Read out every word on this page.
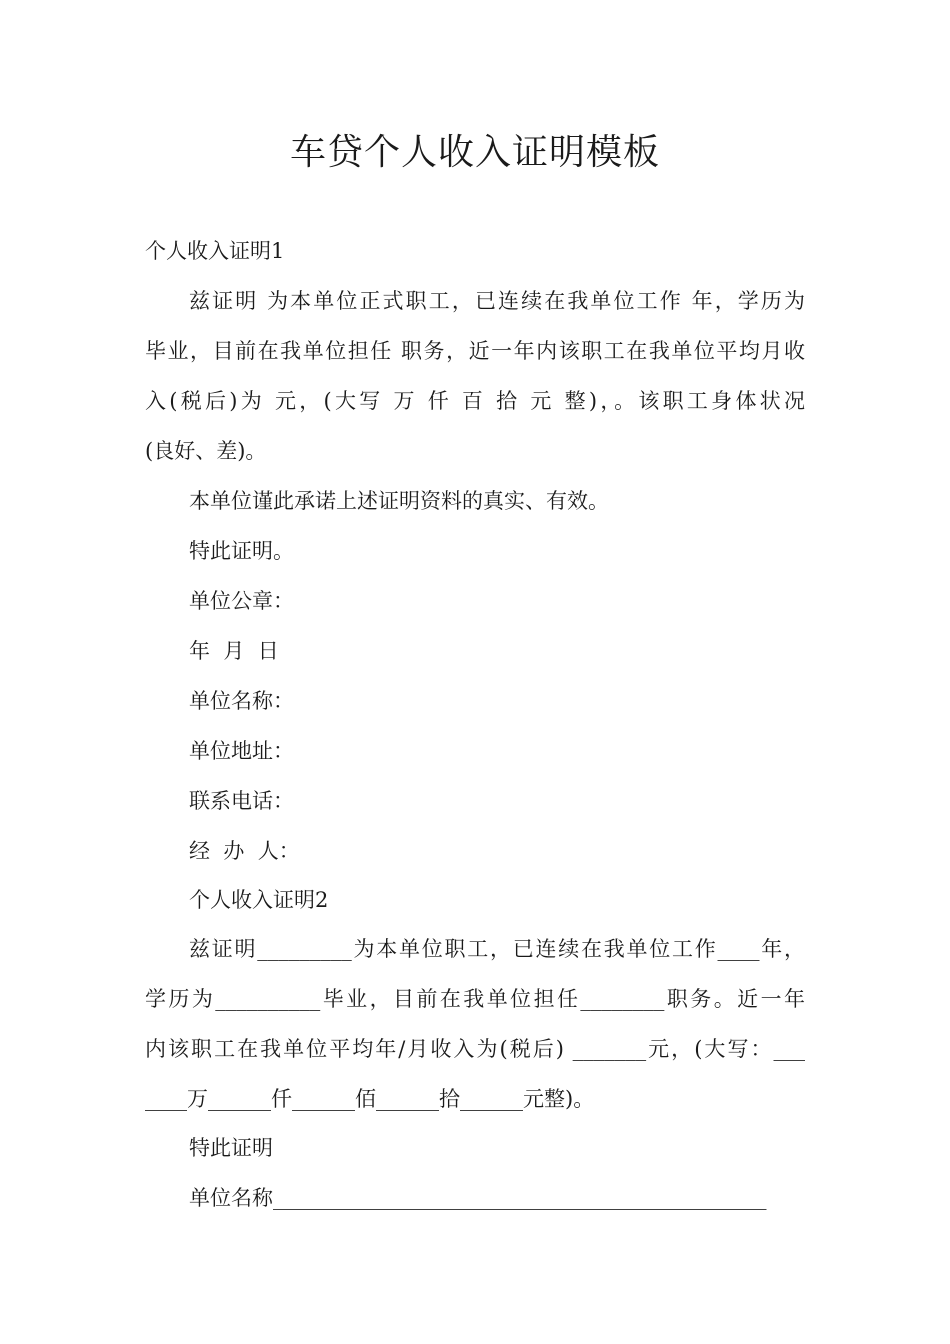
车贷个人收入证明模板

个人收入证明1

兹证明 为本单位正式职工，已连续在我单位工作 年，学历为

毕业，目前在我单位担任 职务，近一年内该职工在我单位平均月收

入(税后)为 元，(大写 万 仟 百 拾 元 整)，。该职工身体状况

(良好、差)。

本单位谨此承诺上述证明资料的真实、有效。

特此证明。

单位公章：

年  月  日

单位名称：

单位地址：

联系电话：

经  办  人：

个人收入证明2

兹证明_________为本单位职工，已连续在我单位工作____年，

学历为__________毕业，目前在我单位担任________职务。近一年

内该职工在我单位平均年/月收入为(税后) _______元，(大写：___

____万______仟______佰______拾______元整)。

特此证明

单位名称_______________________________________________
